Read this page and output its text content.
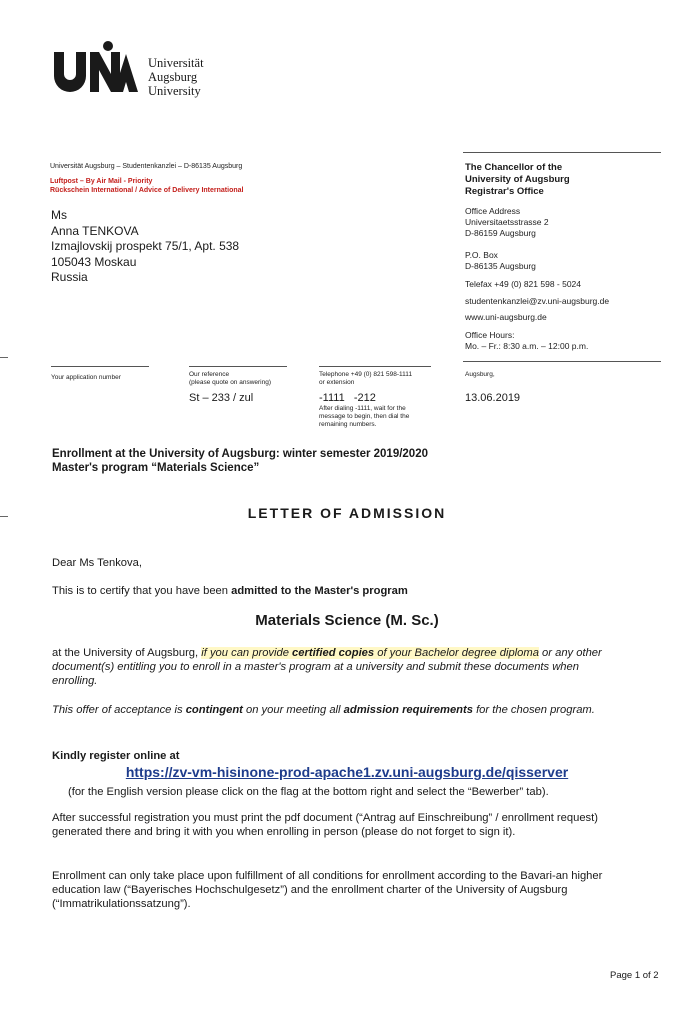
Universität
Augsburg
University
Universität Augsburg – Studentenkanzlei – D-86135 Augsburg
Luftpost – By Air Mail - Priority
Rückschein International / Advice of Delivery International
Ms
Anna TENKOVA
Izmajlovskij prospekt 75/1, Apt. 538
105043 Moskau
Russia
The Chancellor of the
University of Augsburg
Registrar's Office
Office Address
Universitaetsstrasse 2
D-86159 Augsburg
P.O. Box
D-86135 Augsburg
Telefax +49 (0) 821 598 - 5024
studentenkanzlei@zv.uni-augsburg.de
www.uni-augsburg.de
Office Hours:
Mo. – Fr.: 8:30 a.m. – 12:00 p.m.
Your application number	Our reference
(please quote on answering)
St – 233 / zul
Telephone +49 (0) 821 598-1111
or extension
-1111   -212
After dialing -1111, wait for the
message to begin, then dial the
remaining numbers.
Augsburg,
13.06.2019
Enrollment at the University of Augsburg: winter semester 2019/2020
Master's program “Materials Science”
LETTER OF ADMISSION
Dear Ms Tenkova,
This is to certify that you have been admitted to the Master's program
Materials Science (M. Sc.)
at the University of Augsburg, if you can provide certified copies of your Bachelor degree diploma or any other document(s) entitling you to enroll in a master's program at a university and submit these documents when enrolling.
This offer of acceptance is contingent on your meeting all admission requirements for the chosen program.
Kindly register online at
https://zv-vm-hisinone-prod-apache1.zv.uni-augsburg.de/qisserver
(for the English version please click on the flag at the bottom right and select the “Bewerber” tab).
After successful registration you must print the pdf document (“Antrag auf Einschreibung” / enrollment request) generated there and bring it with you when enrolling in person (please do not forget to sign it).
Enrollment can only take place upon fulfillment of all conditions for enrollment according to the Bavari-an higher education law (“Bayerisches Hochschulgesetz”) and the enrollment charter of the University of Augsburg (“Immatrikulationssatzung”).
Page 1 of 2
